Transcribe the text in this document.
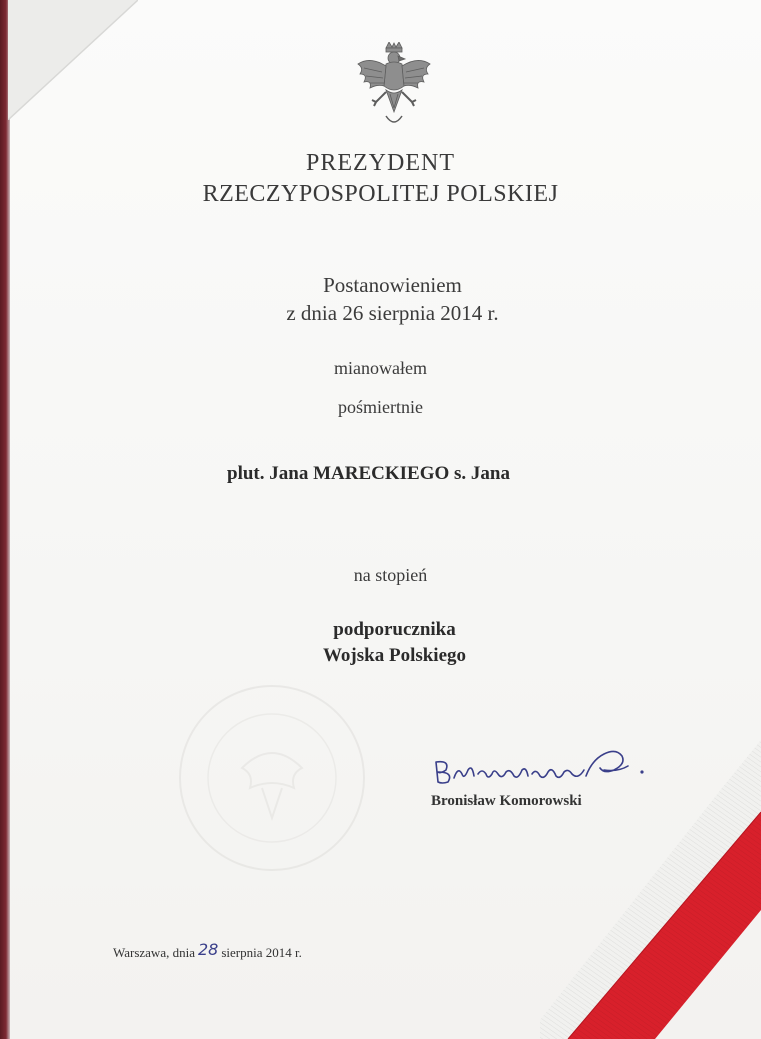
PREZYDENT
RZECZYPOSPOLITEJ POLSKIEJ
Postanowieniem
z dnia 26 sierpnia 2014 r.
mianowałem
pośmiertnie
plut. Jana MARECKIEGO s. Jana
na stopień
podporucznika
Wojska Polskiego
Bronisław Komorowski
Warszawa, dnia 28 sierpnia 2014 r.
